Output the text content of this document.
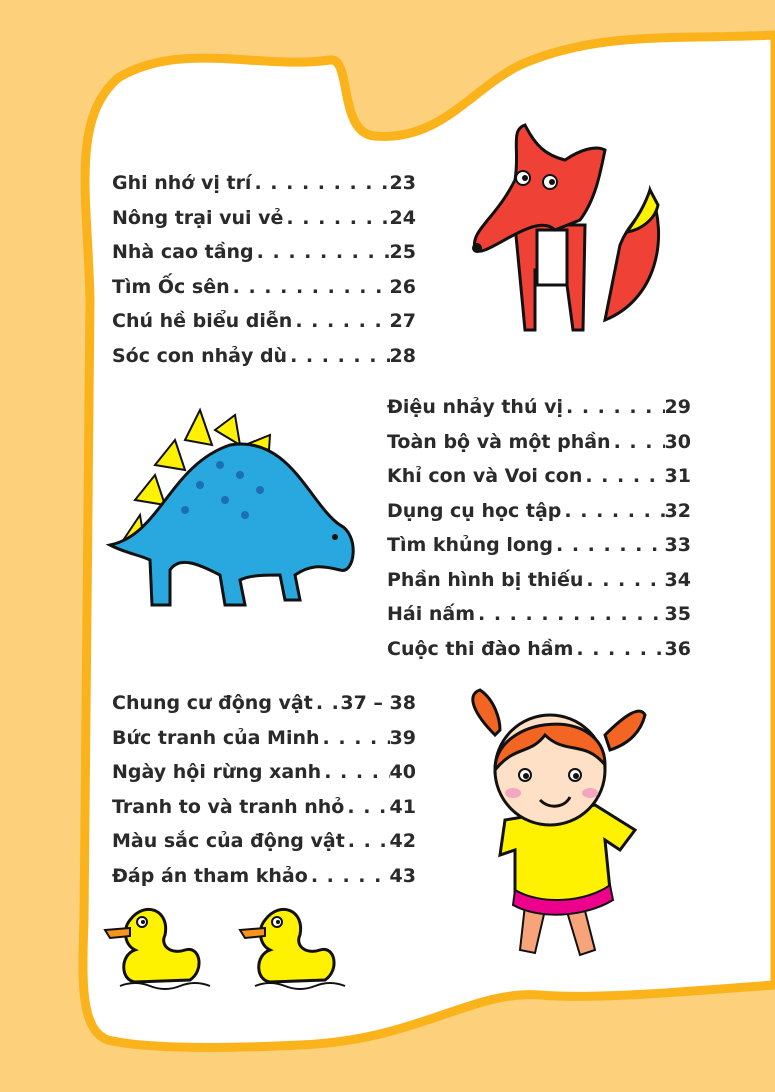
Ghi nhớ vị trí . . .	23
Nông trại vui vẻ . . .	24
Nhà cao tầng . . .	25
Tìm Ốc sên . . .	26
Chú hề biểu diễn . . .	27
Sóc con nhảy dù . . .	28
Điệu nhảy thú vị . . .	29
Toàn bộ và một phần . . .	30
Khỉ con và Voi con . . .	31
Dụng cụ học tập . . .	32
Tìm khủng long . . .	33
Phần hình bị thiếu . . .	34
Hái nấm . . .	35
Cuộc thi đào hầm . . .	36
Chung cư động vật . . . 37 – 38
Bức tranh của Minh . . .	39
Ngày hội rừng xanh . . .	40
Tranh to và tranh nhỏ . . . 41
Màu sắc của động vật . . . 42
Đáp án tham khảo . . .	43
